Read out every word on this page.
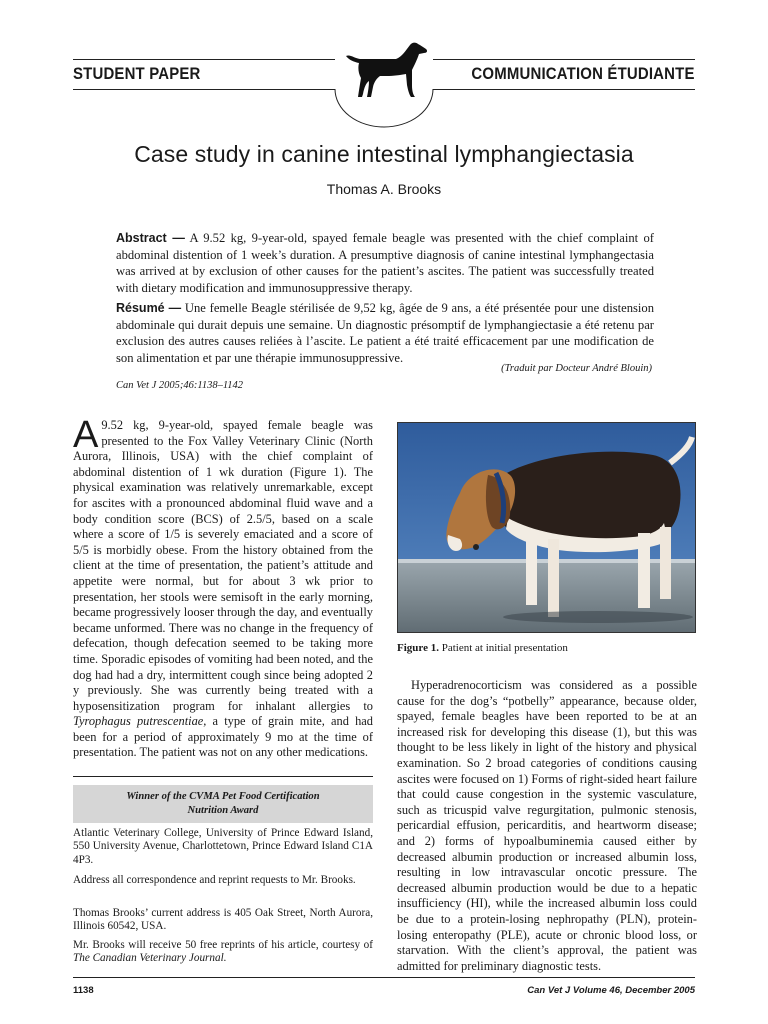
STUDENT PAPER	COMMUNICATION ÉTUDIANTE
Case study in canine intestinal lymphangiectasia
Thomas A. Brooks
Abstract — A 9.52 kg, 9-year-old, spayed female beagle was presented with the chief complaint of abdominal distention of 1 week’s duration. A presumptive diagnosis of canine intestinal lymphangectasia was arrived at by exclusion of other causes for the patient’s ascites. The patient was successfully treated with dietary modification and immunosuppressive therapy.
Résumé — Une femelle Beagle stérilisée de 9,52 kg, âgée de 9 ans, a été présentée pour une distension abdominale qui durait depuis une semaine. Un diagnostic présomptif de lymphangiectasie a été retenu par exclusion des autres causes reliées à l’ascite. Le patient a été traité efficacement par une modification de son alimentation et par une thérapie immunosuppressive.
(Traduit par Docteur André Blouin)
Can Vet J 2005;46:1138–1142

A 9.52 kg, 9-year-old, spayed female beagle was presented to the Fox Valley Veterinary Clinic (North Aurora, Illinois, USA) with the chief complaint of abdominal distention of 1 wk duration (Figure 1). The physical examination was relatively unremarkable, except for ascites with a pronounced abdominal fluid wave and a body condition score (BCS) of 2.5/5, based on a scale where a score of 1/5 is severely emaciated and a score of 5/5 is morbidly obese. From the history obtained from the client at the time of presentation, the patient’s attitude and appetite were normal, but for about 3 wk prior to presentation, her stools were semisoft in the early morning, became progressively looser through the day, and eventually became unformed. There was no change in the frequency of defecation, though defecation seemed to be taking more time. Sporadic episodes of vomiting had been noted, and the dog had had a dry, intermittent cough since being adopted 2 y previously. She was currently being treated with a hyposensitization program for inhalant allergies to Tyrophagus putrescentiae, a type of grain mite, and had been for a period of approximately 9 mo at the time of presentation. The patient was not on any other medications.

Winner of the CVMA Pet Food Certification
Nutrition Award
Atlantic Veterinary College, University of Prince Edward Island, 550 University Avenue, Charlottetown, Prince Edward Island C1A 4P3.
Address all correspondence and reprint requests to Mr. Brooks.
Thomas Brooks’ current address is 405 Oak Street, North Aurora, Illinois 60542, USA.
Mr. Brooks will receive 50 free reprints of his article, courtesy of The Canadian Veterinary Journal.
Figure 1. Patient at initial presentation

Hyperadrenocorticism was considered as a possible cause for the dog’s “potbelly” appearance, because older, spayed, female beagles have been reported to be at an increased risk for developing this disease (1), but this was thought to be less likely in light of the history and physical examination. So 2 broad categories of conditions causing ascites were focused on 1) Forms of right-sided heart failure that could cause congestion in the systemic vasculature, such as tricuspid valve regurgitation, pulmonic stenosis, pericardial effusion, pericarditis, and heartworm disease; and 2) forms of hypoalbuminemia caused either by decreased albumin production or increased albumin loss, resulting in low intravascular oncotic pressure. The decreased albumin production would be due to a hepatic insufficiency (HI), while the increased albumin loss could be due to a protein-losing nephropathy (PLN), protein-losing enteropathy (PLE), acute or chronic blood loss, or starvation. With the client’s approval, the patient was admitted for preliminary diagnostic tests.

1138	Can Vet J Volume 46, December 2005
